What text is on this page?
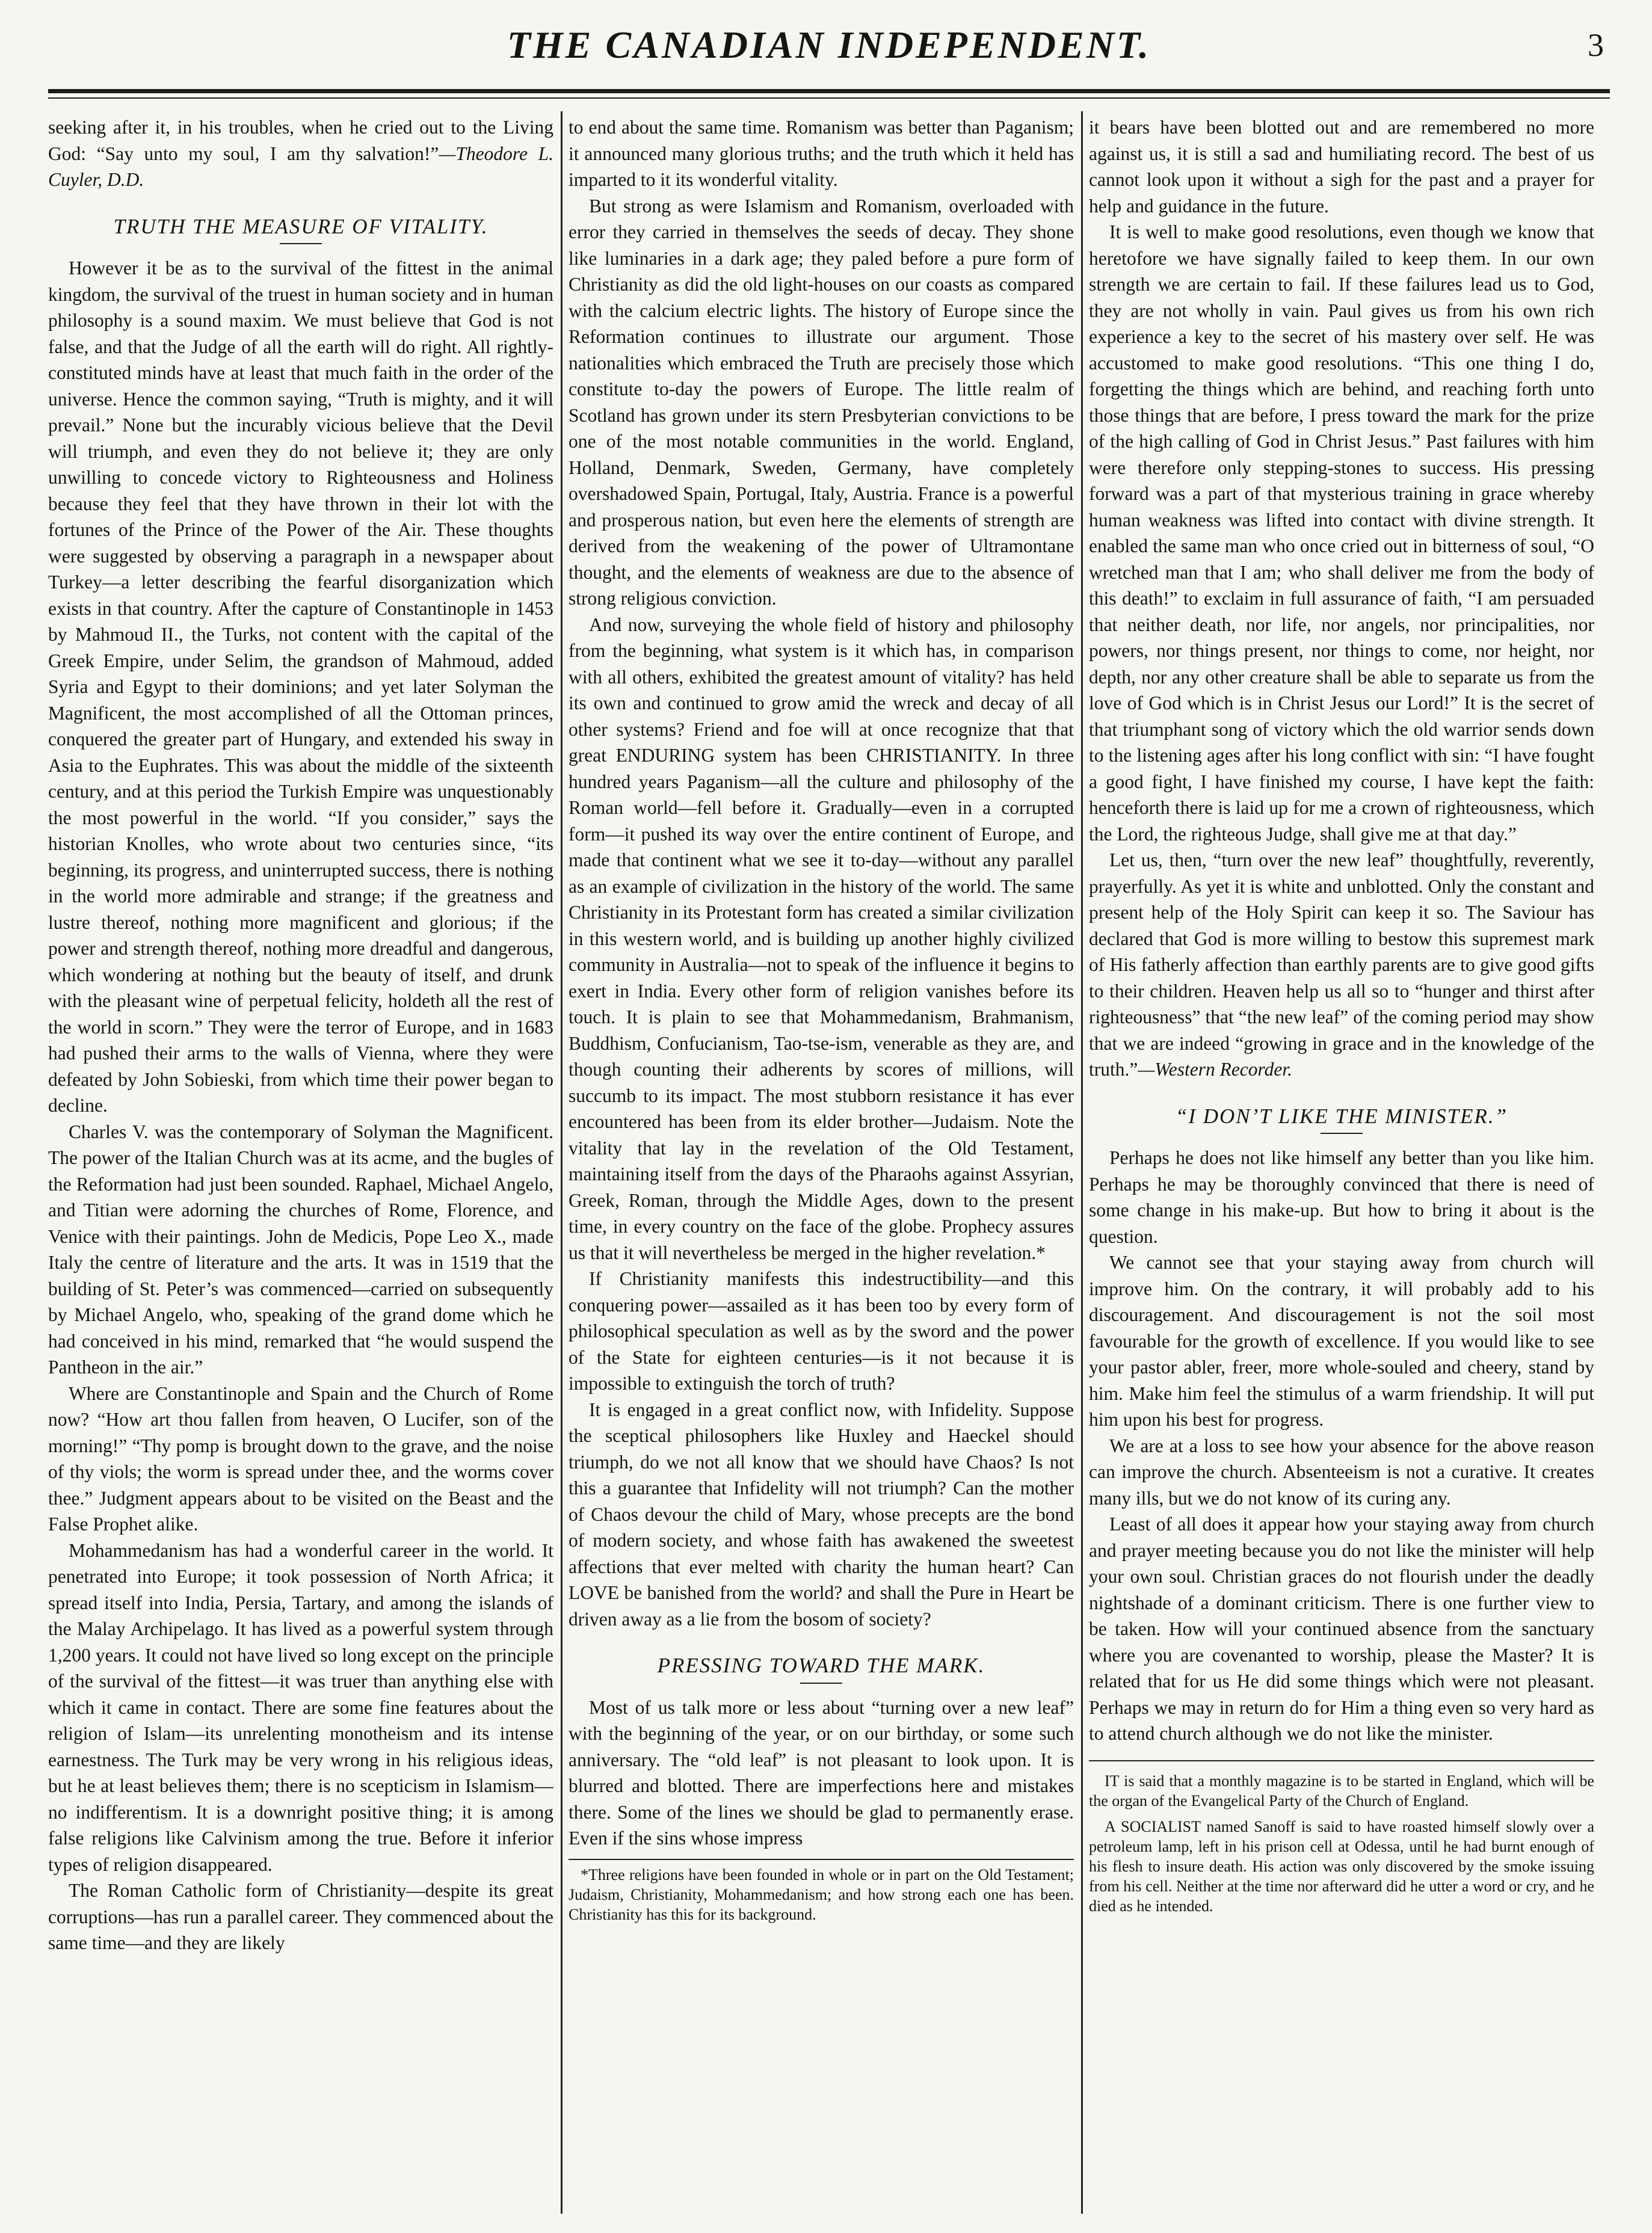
THE CANADIAN INDEPENDENT.	3

seeking after it, in his troubles, when he cried out to the Living God: “Say unto my soul, I am thy salvation!”—Theodore L. Cuyler, D.D.

TRUTH THE MEASURE OF VITALITY.

However it be as to the survival of the fittest in the animal kingdom, the survival of the truest in human society and in human philosophy is a sound maxim. We must believe that God is not false, and that the Judge of all the earth will do right. All rightly-constituted minds have at least that much faith in the order of the universe. Hence the common saying, “Truth is mighty, and it will prevail.” None but the incurably vicious believe that the Devil will triumph, and even they do not believe it; they are only unwilling to concede victory to Righteousness and Holiness because they feel that they have thrown in their lot with the fortunes of the Prince of the Power of the Air. These thoughts were suggested by observing a paragraph in a newspaper about Turkey—a letter describing the fearful disorganization which exists in that country. After the capture of Constantinople in 1453 by Mahmoud II., the Turks, not content with the capital of the Greek Empire, under Selim, the grandson of Mahmoud, added Syria and Egypt to their dominions; and yet later Solyman the Magnificent, the most accomplished of all the Ottoman princes, conquered the greater part of Hungary, and extended his sway in Asia to the Euphrates. This was about the middle of the sixteenth century, and at this period the Turkish Empire was unquestionably the most powerful in the world. “If you consider,” says the historian Knolles, who wrote about two centuries since, “its beginning, its progress, and uninterrupted success, there is nothing in the world more admirable and strange; if the greatness and lustre thereof, nothing more magnificent and glorious; if the power and strength thereof, nothing more dreadful and dangerous, which wondering at nothing but the beauty of itself, and drunk with the pleasant wine of perpetual felicity, holdeth all the rest of the world in scorn.” They were the terror of Europe, and in 1683 had pushed their arms to the walls of Vienna, where they were defeated by John Sobieski, from which time their power began to decline.

Charles V. was the contemporary of Solyman the Magnificent. The power of the Italian Church was at its acme, and the bugles of the Reformation had just been sounded. Raphael, Michael Angelo, and Titian were adorning the churches of Rome, Florence, and Venice with their paintings. John de Medicis, Pope Leo X., made Italy the centre of literature and the arts. It was in 1519 that the building of St. Peter’s was commenced—carried on subsequently by Michael Angelo, who, speaking of the grand dome which he had conceived in his mind, remarked that “he would suspend the Pantheon in the air.”

Where are Constantinople and Spain and the Church of Rome now? “How art thou fallen from heaven, O Lucifer, son of the morning!” “Thy pomp is brought down to the grave, and the noise of thy viols; the worm is spread under thee, and the worms cover thee.” Judgment appears about to be visited on the Beast and the False Prophet alike.

Mohammedanism has had a wonderful career in the world. It penetrated into Europe; it took possession of North Africa; it spread itself into India, Persia, Tartary, and among the islands of the Malay Archipelago. It has lived as a powerful system through 1,200 years. It could not have lived so long except on the principle of the survival of the fittest—it was truer than anything else with which it came in contact. There are some fine features about the religion of Islam—its unrelenting monotheism and its intense earnestness. The Turk may be very wrong in his religious ideas, but he at least believes them; there is no scepticism in Islamism—no indifferentism. It is a downright positive thing; it is among false religions like Calvinism among the true. Before it inferior types of religion disappeared.

The Roman Catholic form of Christianity—despite its great corruptions—has run a parallel career. They commenced about the same time—and they are likely

to end about the same time. Romanism was better than Paganism; it announced many glorious truths; and the truth which it held has imparted to it its wonderful vitality.

But strong as were Islamism and Romanism, overloaded with error they carried in themselves the seeds of decay. They shone like luminaries in a dark age; they paled before a pure form of Christianity as did the old light-houses on our coasts as compared with the calcium electric lights. The history of Europe since the Reformation continues to illustrate our argument. Those nationalities which embraced the Truth are precisely those which constitute to-day the powers of Europe. The little realm of Scotland has grown under its stern Presbyterian convictions to be one of the most notable communities in the world. England, Holland, Denmark, Sweden, Germany, have completely overshadowed Spain, Portugal, Italy, Austria. France is a powerful and prosperous nation, but even here the elements of strength are derived from the weakening of the power of Ultramontane thought, and the elements of weakness are due to the absence of strong religious conviction.

And now, surveying the whole field of history and philosophy from the beginning, what system is it which has, in comparison with all others, exhibited the greatest amount of vitality? has held its own and continued to grow amid the wreck and decay of all other systems? Friend and foe will at once recognize that that great ENDURING system has been CHRISTIANITY. In three hundred years Paganism—all the culture and philosophy of the Roman world—fell before it. Gradually—even in a corrupted form—it pushed its way over the entire continent of Europe, and made that continent what we see it to-day—without any parallel as an example of civilization in the history of the world. The same Christianity in its Protestant form has created a similar civilization in this western world, and is building up another highly civilized community in Australia—not to speak of the influence it begins to exert in India. Every other form of religion vanishes before its touch. It is plain to see that Mohammedanism, Brahmanism, Buddhism, Confucianism, Tao-tse-ism, venerable as they are, and though counting their adherents by scores of millions, will succumb to its impact. The most stubborn resistance it has ever encountered has been from its elder brother—Judaism. Note the vitality that lay in the revelation of the Old Testament, maintaining itself from the days of the Pharaohs against Assyrian, Greek, Roman, through the Middle Ages, down to the present time, in every country on the face of the globe. Prophecy assures us that it will nevertheless be merged in the higher revelation.*

If Christianity manifests this indestructibility—and this conquering power—assailed as it has been too by every form of philosophical speculation as well as by the sword and the power of the State for eighteen centuries—is it not because it is impossible to extinguish the torch of truth?

It is engaged in a great conflict now, with Infidelity. Suppose the sceptical philosophers like Huxley and Haeckel should triumph, do we not all know that we should have Chaos? Is not this a guarantee that Infidelity will not triumph? Can the mother of Chaos devour the child of Mary, whose precepts are the bond of modern society, and whose faith has awakened the sweetest affections that ever melted with charity the human heart? Can LOVE be banished from the world? and shall the Pure in Heart be driven away as a lie from the bosom of society?

PRESSING TOWARD THE MARK.

Most of us talk more or less about “turning over a new leaf” with the beginning of the year, or on our birthday, or some such anniversary. The “old leaf” is not pleasant to look upon. It is blurred and blotted. There are imperfections here and mistakes there. Some of the lines we should be glad to permanently erase. Even if the sins whose impress

*Three religions have been founded in whole or in part on the Old Testament; Judaism, Christianity, Mohammedanism; and how strong each one has been. Christianity has this for its background.

it bears have been blotted out and are remembered no more against us, it is still a sad and humiliating record. The best of us cannot look upon it without a sigh for the past and a prayer for help and guidance in the future.

It is well to make good resolutions, even though we know that heretofore we have signally failed to keep them. In our own strength we are certain to fail. If these failures lead us to God, they are not wholly in vain. Paul gives us from his own rich experience a key to the secret of his mastery over self. He was accustomed to make good resolutions. “This one thing I do, forgetting the things which are behind, and reaching forth unto those things that are before, I press toward the mark for the prize of the high calling of God in Christ Jesus.” Past failures with him were therefore only stepping-stones to success. His pressing forward was a part of that mysterious training in grace whereby human weakness was lifted into contact with divine strength. It enabled the same man who once cried out in bitterness of soul, “O wretched man that I am; who shall deliver me from the body of this death!” to exclaim in full assurance of faith, “I am persuaded that neither death, nor life, nor angels, nor principalities, nor powers, nor things present, nor things to come, nor height, nor depth, nor any other creature shall be able to separate us from the love of God which is in Christ Jesus our Lord!” It is the secret of that triumphant song of victory which the old warrior sends down to the listening ages after his long conflict with sin: “I have fought a good fight, I have finished my course, I have kept the faith: henceforth there is laid up for me a crown of righteousness, which the Lord, the righteous Judge, shall give me at that day.”

Let us, then, “turn over the new leaf” thoughtfully, reverently, prayerfully. As yet it is white and unblotted. Only the constant and present help of the Holy Spirit can keep it so. The Saviour has declared that God is more willing to bestow this supremest mark of His fatherly affection than earthly parents are to give good gifts to their children. Heaven help us all so to “hunger and thirst after righteousness” that “the new leaf” of the coming period may show that we are indeed “growing in grace and in the knowledge of the truth.”—Western Recorder.

“I DON’T LIKE THE MINISTER.”

Perhaps he does not like himself any better than you like him. Perhaps he may be thoroughly convinced that there is need of some change in his make-up. But how to bring it about is the question.

We cannot see that your staying away from church will improve him. On the contrary, it will probably add to his discouragement. And discouragement is not the soil most favourable for the growth of excellence. If you would like to see your pastor abler, freer, more whole-souled and cheery, stand by him. Make him feel the stimulus of a warm friendship. It will put him upon his best for progress.

We are at a loss to see how your absence for the above reason can improve the church. Absenteeism is not a curative. It creates many ills, but we do not know of its curing any.

Least of all does it appear how your staying away from church and prayer meeting because you do not like the minister will help your own soul. Christian graces do not flourish under the deadly nightshade of a dominant criticism. There is one further view to be taken. How will your continued absence from the sanctuary where you are covenanted to worship, please the Master? It is related that for us He did some things which were not pleasant. Perhaps we may in return do for Him a thing even so very hard as to attend church although we do not like the minister.

IT is said that a monthly magazine is to be started in England, which will be the organ of the Evangelical Party of the Church of England.

A SOCIALIST named Sanoff is said to have roasted himself slowly over a petroleum lamp, left in his prison cell at Odessa, until he had burnt enough of his flesh to insure death. His action was only discovered by the smoke issuing from his cell. Neither at the time nor afterward did he utter a word or cry, and he died as he intended.
